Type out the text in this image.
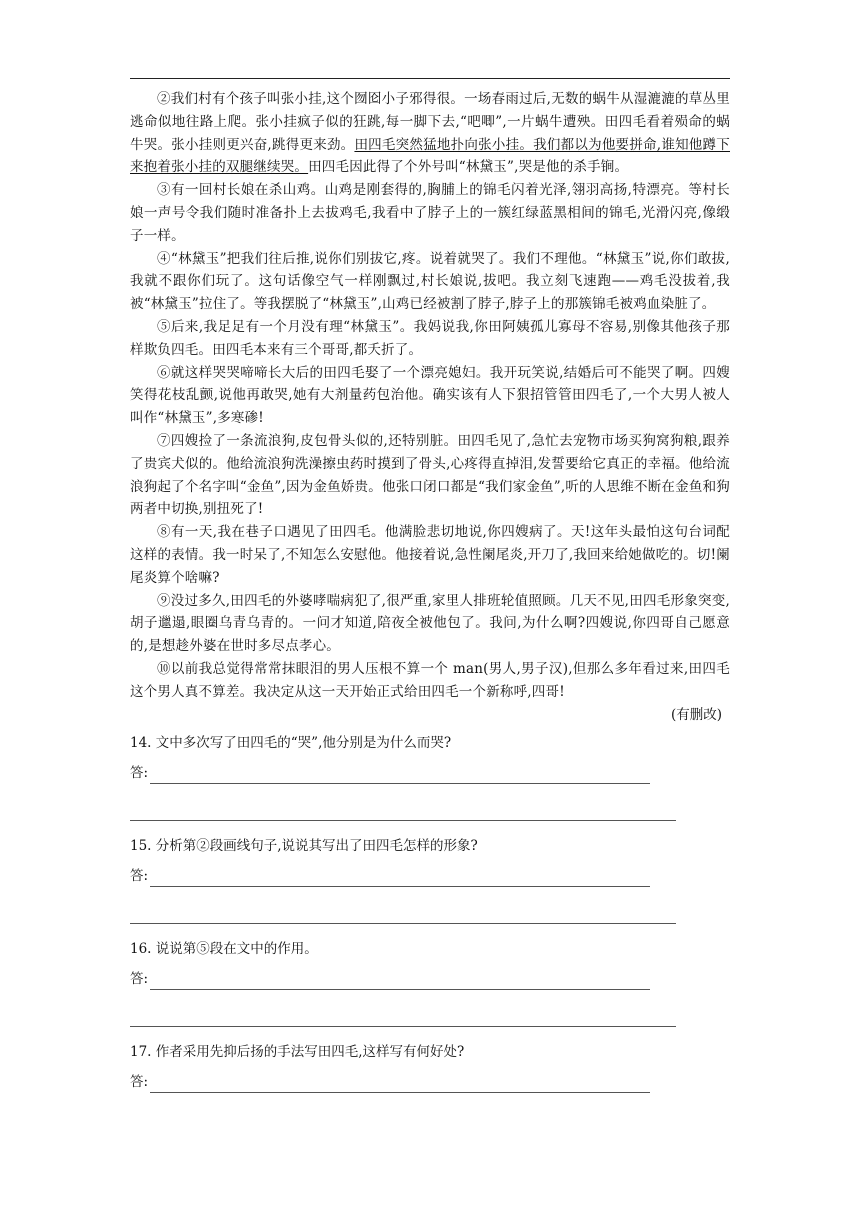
②我们村有个孩子叫张小挂,这个囫囵小子邪得很。一场春雨过后,无数的蜗牛从湿漉漉的草丛里逃命似地往路上爬。张小挂疯子似的狂跳,每一脚下去,“吧唧”,一片蜗牛遭殃。田四毛看着殒命的蜗牛哭。张小挂则更兴奋,跳得更来劲。田四毛突然猛地扑向张小挂。我们都以为他要拼命,谁知他蹲下来抱着张小挂的双腿继续哭。田四毛因此得了个外号叫“林黛玉”,哭是他的杀手锏。

③有一回村长娘在杀山鸡。山鸡是刚套得的,胸脯上的锦毛闪着光泽,翎羽高扬,特漂亮。等村长娘一声号令我们随时准备扑上去拔鸡毛,我看中了脖子上的一簇红绿蓝黑相间的锦毛,光滑闪亮,像缎子一样。

④“林黛玉”把我们往后推,说你们别拔它,疼。说着就哭了。我们不理他。“林黛玉”说,你们敢拔,我就不跟你们玩了。这句话像空气一样刚飘过,村长娘说,拔吧。我立刻飞速跑——鸡毛没拔着,我被“林黛玉”拉住了。等我摆脱了“林黛玉”,山鸡已经被割了脖子,脖子上的那簇锦毛被鸡血染脏了。

⑤后来,我足足有一个月没有理“林黛玉”。我妈说我,你田阿姨孤儿寡母不容易,别像其他孩子那样欺负四毛。田四毛本来有三个哥哥,都夭折了。

⑥就这样哭哭啼啼长大后的田四毛娶了一个漂亮媳妇。我开玩笑说,结婚后可不能哭了啊。四嫂笑得花枝乱颤,说他再敢哭,她有大剂量药包治他。确实该有人下狠招管管田四毛了,一个大男人被人叫作“林黛玉”,多寒碜!

⑦四嫂捡了一条流浪狗,皮包骨头似的,还特别脏。田四毛见了,急忙去宠物市场买狗窝狗粮,跟养了贵宾犬似的。他给流浪狗洗澡擦虫药时摸到了骨头,心疼得直掉泪,发誓要给它真正的幸福。他给流浪狗起了个名字叫“金鱼”,因为金鱼娇贵。他张口闭口都是“我们家金鱼”,听的人思维不断在金鱼和狗两者中切换,别扭死了!

⑧有一天,我在巷子口遇见了田四毛。他满脸悲切地说,你四嫂病了。天!这年头最怕这句台词配这样的表情。我一时呆了,不知怎么安慰他。他接着说,急性阑尾炎,开刀了,我回来给她做吃的。切!阑尾炎算个啥嘛?

⑨没过多久,田四毛的外婆哮喘病犯了,很严重,家里人排班轮值照顾。几天不见,田四毛形象突变,胡子邋遢,眼圈乌青乌青的。一问才知道,陪夜全被他包了。我问,为什么啊?四嫂说,你四哥自己愿意的,是想趁外婆在世时多尽点孝心。

⑩以前我总觉得常常抹眼泪的男人压根不算一个 man(男人,男子汉),但那么多年看过来,田四毛这个男人真不算差。我决定从这一天开始正式给田四毛一个新称呼,四哥!

(有删改)

14. 文中多次写了田四毛的“哭”,他分别是为什么而哭?
答:
15. 分析第②段画线句子,说说其写出了田四毛怎样的形象?
答:
16. 说说第⑤段在文中的作用。
答:
17. 作者采用先抑后扬的手法写田四毛,这样写有何好处?
答:
